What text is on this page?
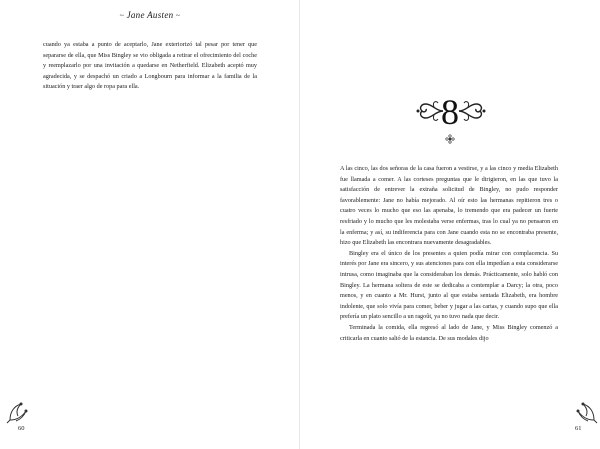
~ Jane Austen ~

cuando ya estaba a punto de aceptarlo, Jane exteriorizó tal pesar por tener que separarse de ella, que Miss Bingley se vio obligada a retirar el ofrecimiento del coche y reemplazarlo por una invitación a quedarse en Netherfield. Elizabeth aceptó muy agradecida, y se despachó un criado a Longbourn para informar a la familia de la situación y traer algo de ropa para ella.

60
8

A las cinco, las dos señoras de la casa fueron a vestirse, y a las cinco y media Elizabeth fue llamada a comer. A las corteses preguntas que le dirigieron, en las que tuvo la satisfacción de entrever la extraña solicitud de Bingley, no pudo responder favorablemente: Jane no había mejorado. Al oír esto las hermanas repitieron tres o cuatro veces lo mucho que eso las apenaba, lo tremendo que era padecer un fuerte resfriado y lo mucho que les molestaba verse enfermas, tras lo cual ya no pensaron en la enferma; y así, su indiferencia para con Jane cuando esta no se encontraba presente, hizo que Elizabeth las encontrara nuevamente desagradables.

Bingley era el único de los presentes a quien podía mirar con complacencia. Su interés por Jane era sincero, y sus atenciones para con ella impedían a esta considerarse intrusa, como imaginaba que la consideraban los demás. Prácticamente, solo habló con Bingley. La hermana soltera de este se dedicaba a contemplar a Darcy; la otra, poco menos, y en cuanto a Mr. Hurst, junto al que estaba sentada Elizabeth, era hombre indolente, que solo vivía para comer, beber y jugar a las cartas, y cuando supo que ella prefería un plato sencillo a un ragoût, ya no tuvo nada que decir.

Terminada la comida, ella regresó al lado de Jane, y Miss Bingley comenzó a criticarla en cuanto salió de la estancia. De sus modales dijo

61
